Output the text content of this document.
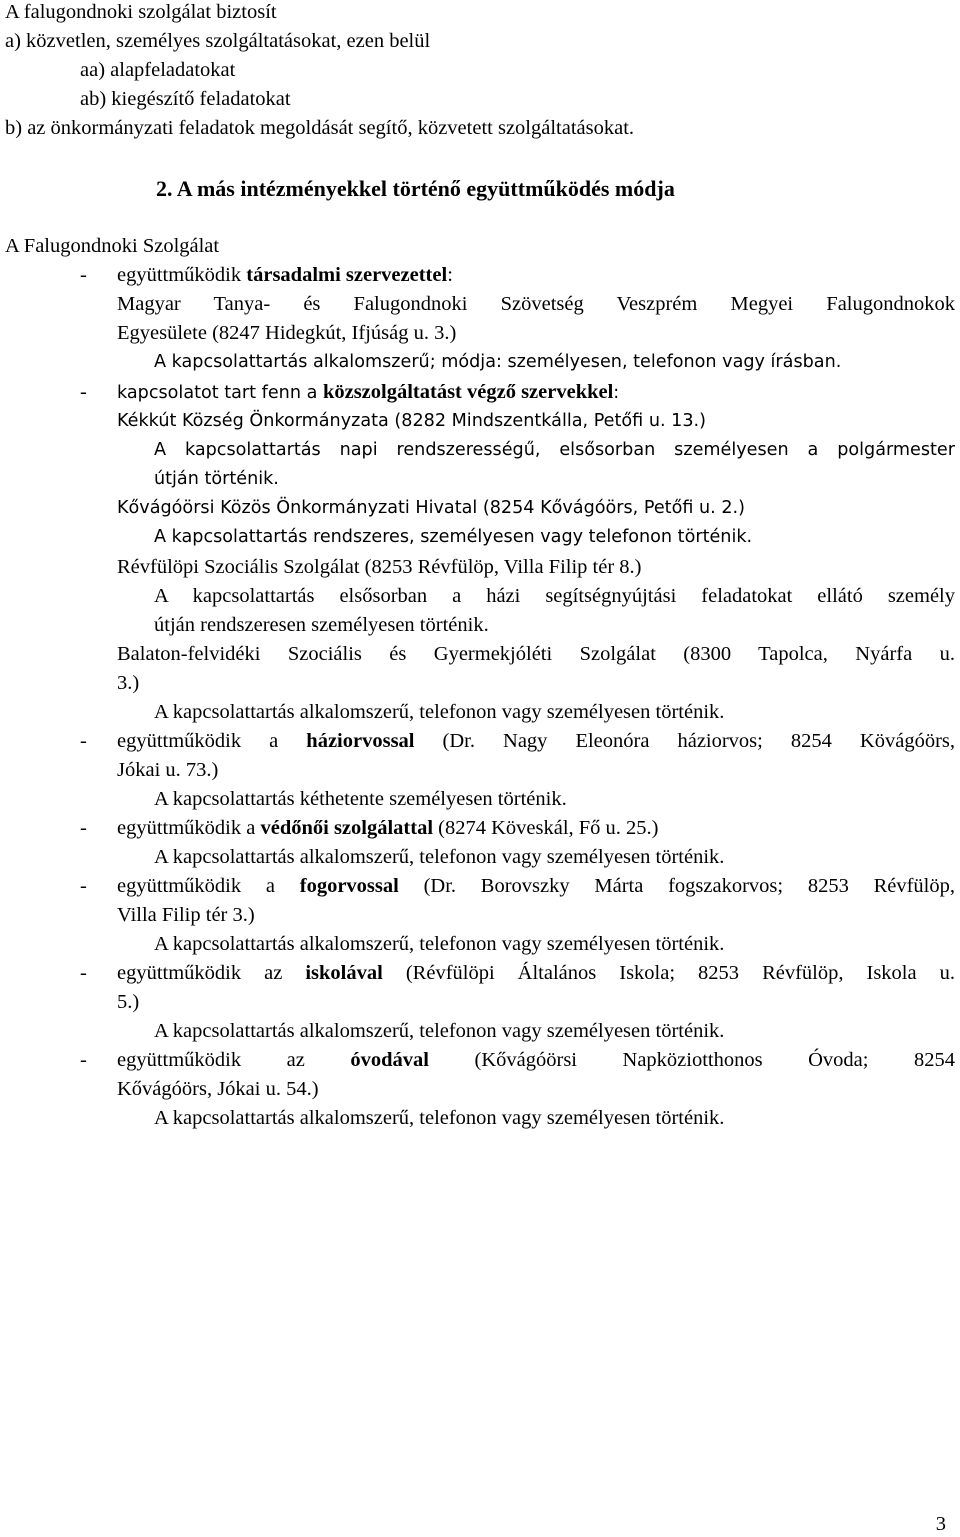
A falugondnoki szolgálat biztosít
a) közvetlen, személyes szolgáltatásokat, ezen belül
aa) alapfeladatokat
ab) kiegészítő feladatokat
b) az önkormányzati feladatok megoldását segítő, közvetett szolgáltatásokat.
2. A más intézményekkel történő együttműködés módja
A Falugondnoki Szolgálat
- együttműködik társadalmi szervezettel:
Magyar Tanya- és Falugondnoki Szövetség Veszprém Megyei Falugondnokok
Egyesülete (8247 Hidegkút, Ifjúság u. 3.)
A kapcsolattartás alkalomszerű; módja: személyesen, telefonon vagy írásban.
- kapcsolatot tart fenn a közszolgáltatást végző szervekkel:
Kékkút Község Önkormányzata (8282 Mindszentkálla, Petőfi u. 13.)
A kapcsolattartás napi rendszerességű, elsősorban személyesen a polgármester
útján történik.
Kővágóörsi Közös Önkormányzati Hivatal (8254 Kővágóörs, Petőfi u. 2.)
A kapcsolattartás rendszeres, személyesen vagy telefonon történik.
Révfülöpi Szociális Szolgálat (8253 Révfülöp, Villa Filip tér 8.)
A kapcsolattartás elsősorban a házi segítségnyújtási feladatokat ellátó személy
útján rendszeresen személyesen történik.
Balaton-felvidéki Szociális és Gyermekjóléti Szolgálat (8300 Tapolca, Nyárfa u.
3.)
A kapcsolattartás alkalomszerű, telefonon vagy személyesen történik.
- együttműködik a háziorvossal (Dr. Nagy Eleonóra háziorvos; 8254 Kövágóörs,
Jókai u. 73.)
A kapcsolattartás kéthetente személyesen történik.
- együttműködik a védőnői szolgálattal (8274 Köveskál, Fő u. 25.)
A kapcsolattartás alkalomszerű, telefonon vagy személyesen történik.
- együttműködik a fogorvossal (Dr. Borovszky Márta fogszakorvos; 8253 Révfülöp,
Villa Filip tér 3.)
A kapcsolattartás alkalomszerű, telefonon vagy személyesen történik.
- együttműködik az iskolával (Révfülöpi Általános Iskola; 8253 Révfülöp, Iskola u.
5.)
A kapcsolattartás alkalomszerű, telefonon vagy személyesen történik.
- együttműködik az óvodával (Kővágóörsi Napköziotthonos Óvoda; 8254
Kővágóörs, Jókai u. 54.)
A kapcsolattartás alkalomszerű, telefonon vagy személyesen történik.
3
